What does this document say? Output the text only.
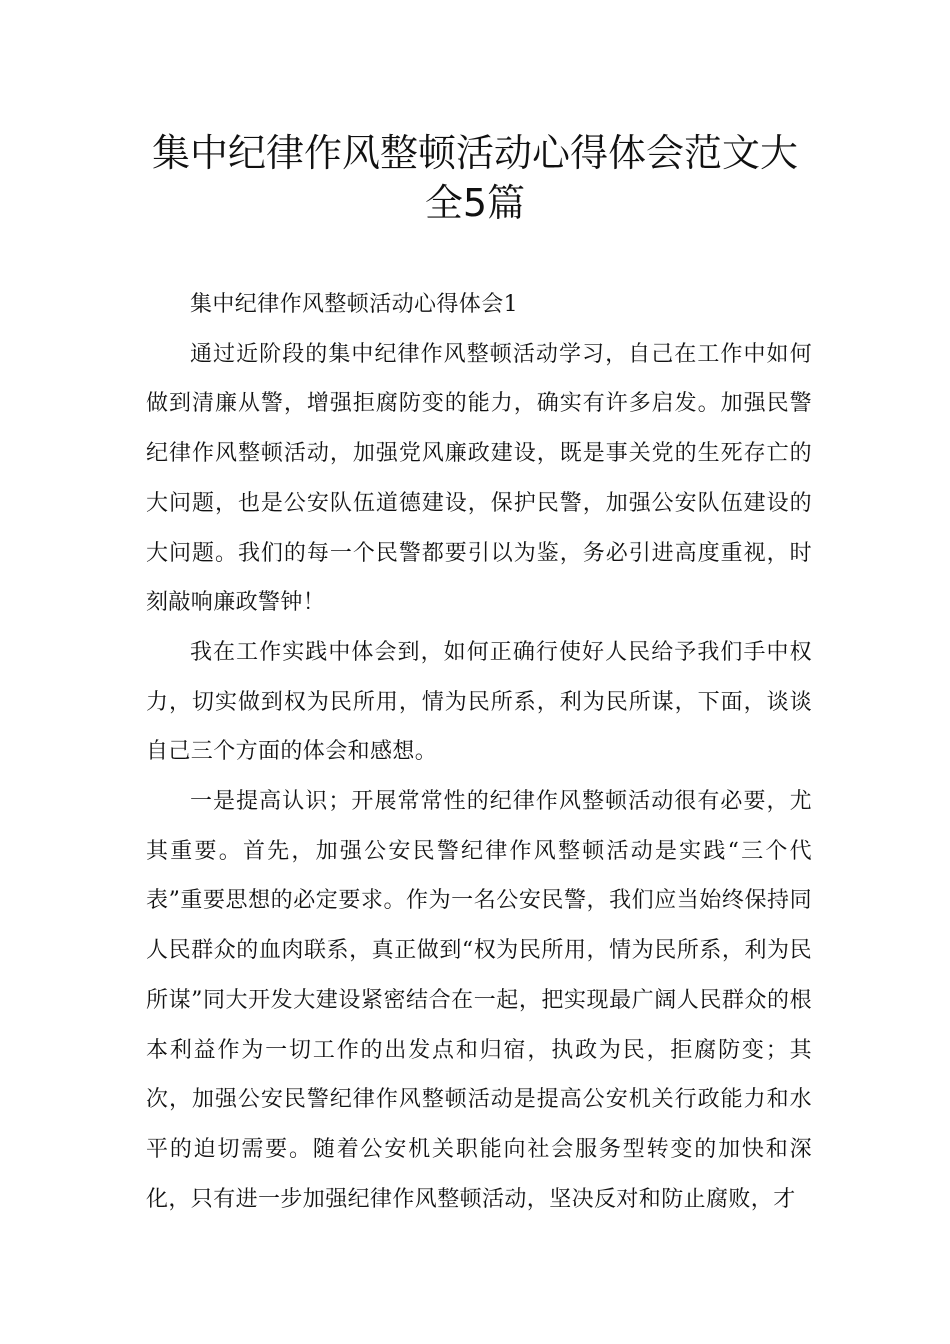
集中纪律作风整顿活动心得体会范文大
全5篇

集中纪律作风整顿活动心得体会1

通过近阶段的集中纪律作风整顿活动学习，自己在工作中如何做到清廉从警，增强拒腐防变的能力，确实有许多启发。加强民警纪律作风整顿活动，加强党风廉政建设，既是事关党的生死存亡的大问题，也是公安队伍道德建设，保护民警，加强公安队伍建设的大问题。我们的每一个民警都要引以为鉴，务必引进高度重视，时刻敲响廉政警钟！

我在工作实践中体会到，如何正确行使好人民给予我们手中权力，切实做到权为民所用，情为民所系，利为民所谋，下面，谈谈自己三个方面的体会和感想。

一是提高认识；开展常常性的纪律作风整顿活动很有必要，尤其重要。首先，加强公安民警纪律作风整顿活动是实践“三个代表”重要思想的必定要求。作为一名公安民警，我们应当始终保持同人民群众的血肉联系，真正做到“权为民所用，情为民所系，利为民所谋”同大开发大建设紧密结合在一起，把实现最广阔人民群众的根本利益作为一切工作的出发点和归宿，执政为民，拒腐防变；其次，加强公安民警纪律作风整顿活动是提高公安机关行政能力和水平的迫切需要。随着公安机关职能向社会服务型转变的加快和深化，只有进一步加强纪律作风整顿活动，坚决反对和防止腐败，才
